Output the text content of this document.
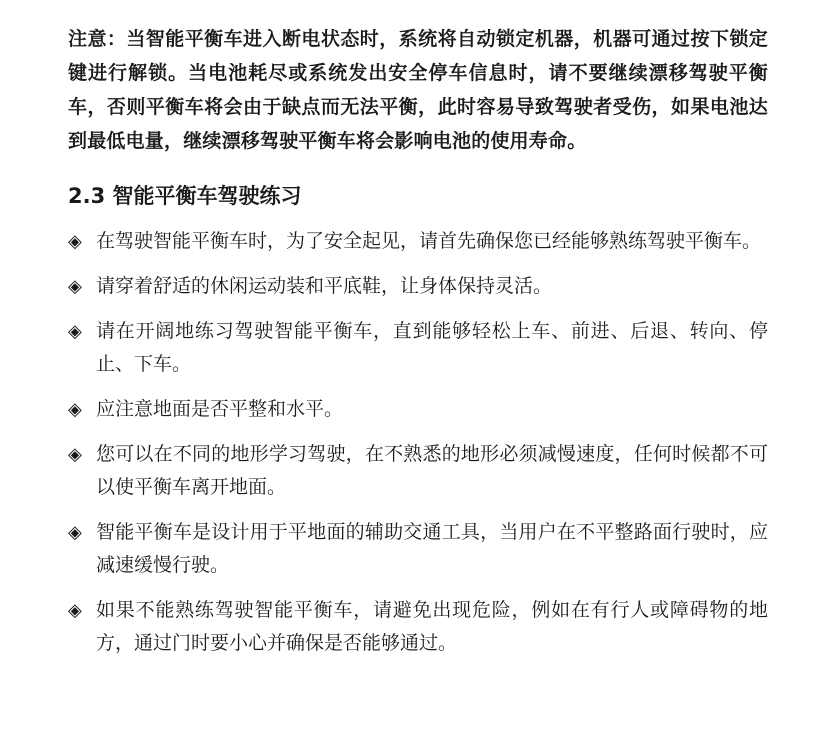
注意：当智能平衡车进入断电状态时，系统将自动锁定机器，机器可通过按下锁定键进行解锁。当电池耗尽或系统发出安全停车信息时，请不要继续漂移驾驶平衡车，否则平衡车将会由于缺点而无法平衡，此时容易导致驾驶者受伤，如果电池达到最低电量，继续漂移驾驶平衡车将会影响电池的使用寿命。

2.3 智能平衡车驾驶练习
◈ 在驾驶智能平衡车时，为了安全起见，请首先确保您已经能够熟练驾驶平衡车。
◈ 请穿着舒适的休闲运动装和平底鞋，让身体保持灵活。
◈ 请在开阔地练习驾驶智能平衡车，直到能够轻松上车、前进、后退、转向、停止、下车。
◈ 应注意地面是否平整和水平。
◈ 您可以在不同的地形学习驾驶，在不熟悉的地形必须减慢速度，任何时候都不可以使平衡车离开地面。
◈ 智能平衡车是设计用于平地面的辅助交通工具，当用户在不平整路面行驶时，应减速缓慢行驶。
◈ 如果不能熟练驾驶智能平衡车，请避免出现危险，例如在有行人或障碍物的地方，通过门时要小心并确保是否能够通过。
